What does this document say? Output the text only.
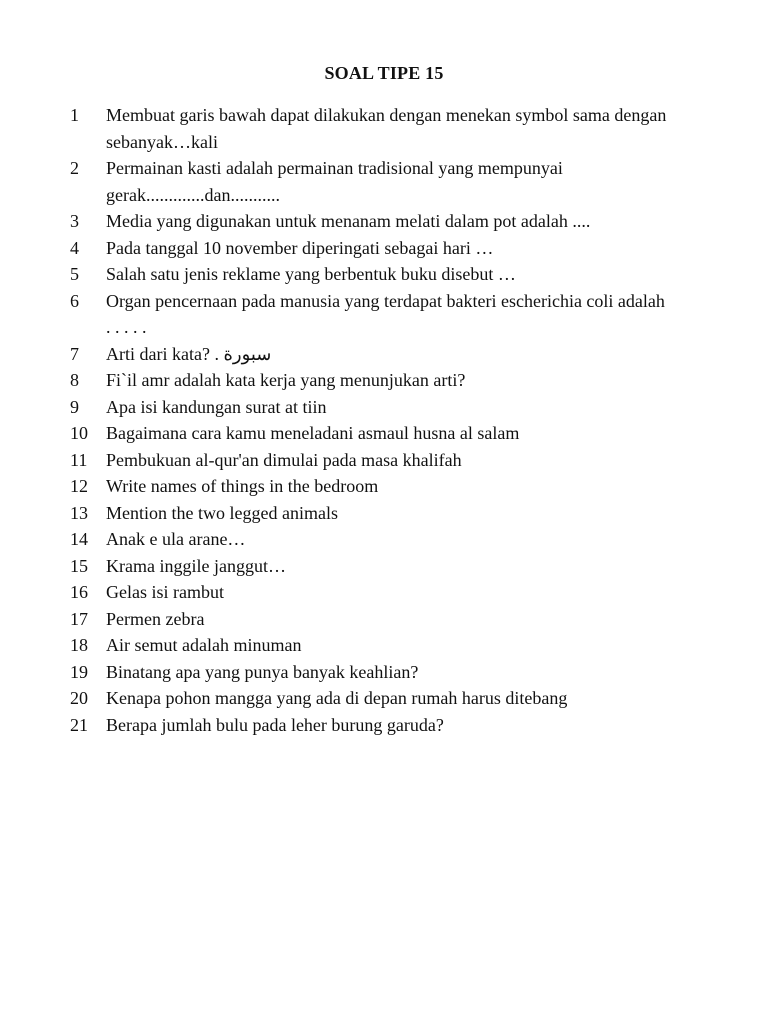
SOAL TIPE 15
1	Membuat garis bawah dapat dilakukan dengan menekan symbol sama dengan sebanyak…kali
2	Permainan kasti adalah permainan tradisional yang mempunyai gerak.............dan...........
3	Media yang digunakan untuk menanam melati dalam pot adalah ....
4	Pada tanggal 10 november diperingati sebagai hari …
5	Salah satu jenis reklame yang berbentuk buku disebut …
6	Organ pencernaan pada manusia yang terdapat bakteri escherichia coli adalah . . . . .
7	Arti dari kata? . سبورة
8	Fi`il amr adalah kata kerja yang menunjukan arti?
9	Apa isi kandungan surat at tiin
10	Bagaimana cara kamu meneladani asmaul husna al salam
11	Pembukuan al-qur'an dimulai pada masa khalifah
12	Write names of things in the bedroom
13	Mention the two legged animals
14	Anak e ula arane…
15	Krama inggile janggut…
16	Gelas isi rambut
17	Permen zebra
18	Air semut adalah minuman
19	Binatang apa yang punya banyak keahlian?
20	Kenapa pohon mangga yang ada di depan rumah harus ditebang
21	Berapa jumlah bulu pada leher burung garuda?
